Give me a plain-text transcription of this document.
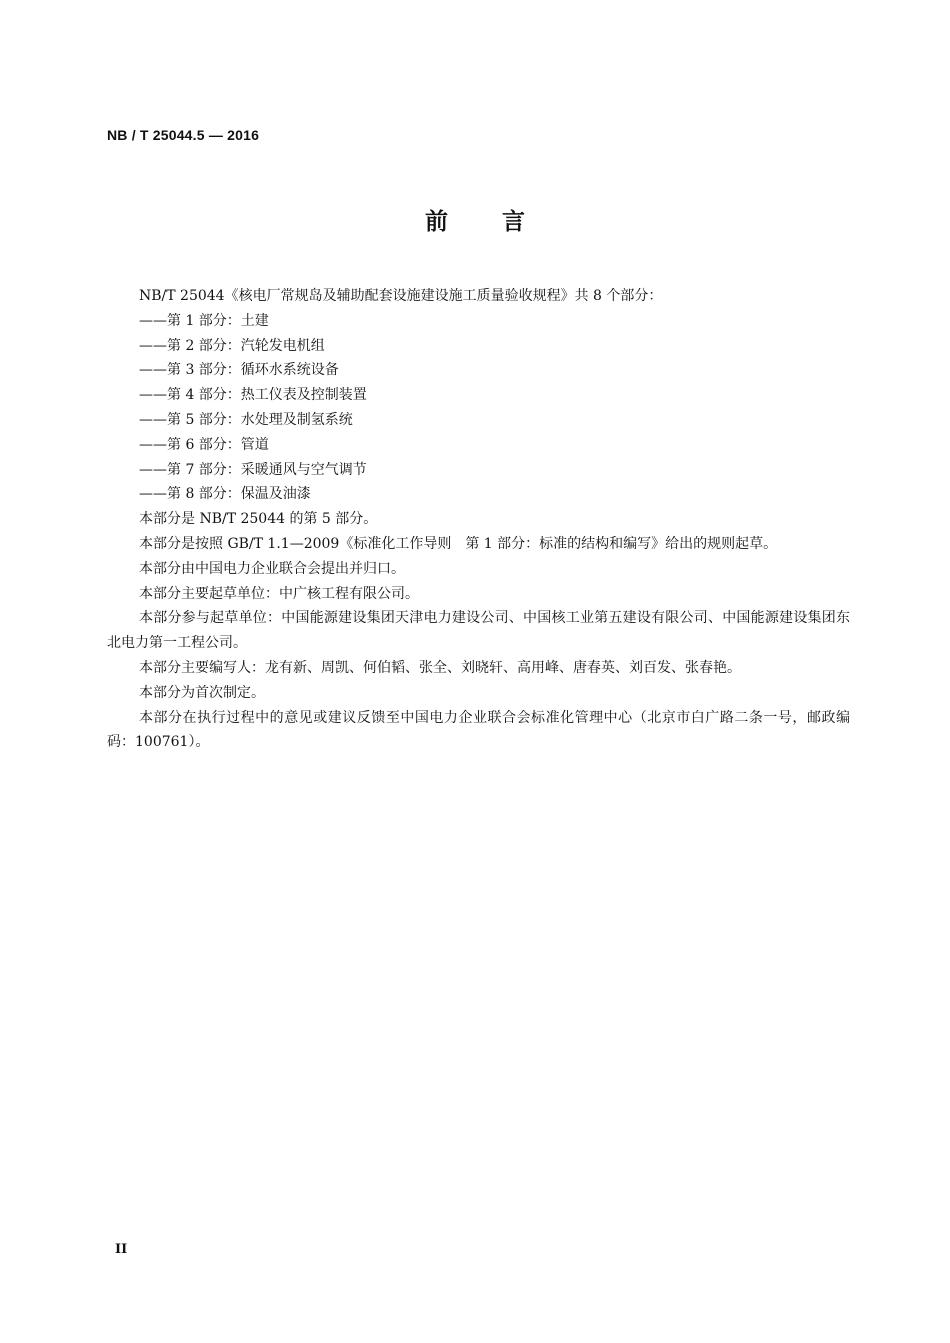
NB / T 25044.5 — 2016
前 言
NB/T 25044《核电厂常规岛及辅助配套设施建设施工质量验收规程》共 8 个部分：
——第 1 部分：土建
——第 2 部分：汽轮发电机组
——第 3 部分：循环水系统设备
——第 4 部分：热工仪表及控制装置
——第 5 部分：水处理及制氢系统
——第 6 部分：管道
——第 7 部分：采暖通风与空气调节
——第 8 部分：保温及油漆
本部分是 NB/T 25044 的第 5 部分。
本部分是按照 GB/T 1.1—2009《标准化工作导则　第 1 部分：标准的结构和编写》给出的规则起草。
本部分由中国电力企业联合会提出并归口。
本部分主要起草单位：中广核工程有限公司。
本部分参与起草单位：中国能源建设集团天津电力建设公司、中国核工业第五建设有限公司、中国能源建设集团东北电力第一工程公司。
本部分主要编写人：龙有新、周凯、何伯韬、张全、刘晓轩、高用峰、唐春英、刘百发、张春艳。
本部分为首次制定。
本部分在执行过程中的意见或建议反馈至中国电力企业联合会标准化管理中心（北京市白广路二条一号，邮政编码：100761）。
II
